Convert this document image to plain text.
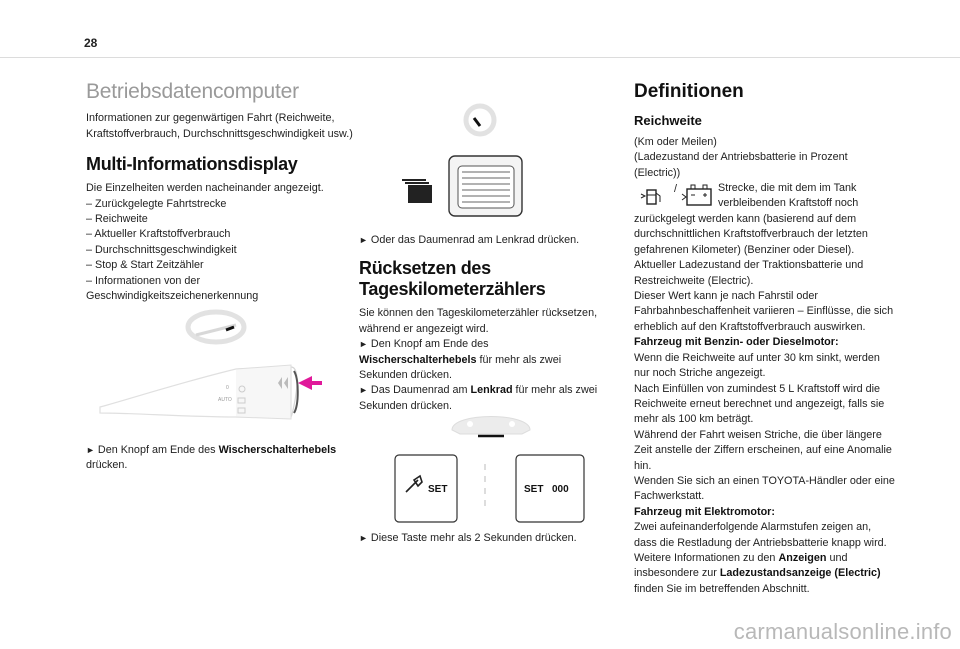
28
Betriebsdatencomputer

Informationen zur gegenwärtigen Fahrt (Reichweite, Kraftstoffverbrauch, Durchschnittsgeschwindigkeit usw.)

Multi-Informationsdisplay

Die Einzelheiten werden nacheinander angezeigt.

– Zurückgelegte Fahrtstrecke

– Reichweite

– Aktueller Kraftstoffverbrauch

– Durchschnittsgeschwindigkeit

– Stop & Start Zeitzähler

– Informationen von der Geschwindigkeitszeichenerkennung

0
AUTO

► Den Knopf am Ende des Wischerschalterhebels drücken.

► Oder das Daumenrad am Lenkrad drücken.

Rücksetzen des Tageskilometerzählers

Sie können den Tageskilometerzähler rücksetzen, während er angezeigt wird.

► Den Knopf am Ende des Wischerschalterhebels für mehr als zwei Sekunden drücken.

► Das Daumenrad am Lenkrad für mehr als zwei Sekunden drücken.

SET	SET 000

► Diese Taste mehr als 2 Sekunden drücken.

Definitionen
Reichweite

(Km oder Meilen)

(Ladezustand der Antriebsbatterie in Prozent (Electric))

/	Strecke, die mit dem im Tank
verbleibenden Kraftstoff noch

zurückgelegt werden kann (basierend auf dem durchschnittlichen Kraftstoffverbrauch der letzten gefahrenen Kilometer) (Benziner oder Diesel).

Aktueller Ladezustand der Traktionsbatterie und Restreichweite (Electric).

Dieser Wert kann je nach Fahrstil oder Fahrbahnbeschaffenheit variieren – Einflüsse, die sich erheblich auf den Kraftstoffverbrauch auswirken.

Fahrzeug mit Benzin- oder Dieselmotor:

Wenn die Reichweite auf unter 30 km sinkt, werden nur noch Striche angezeigt.

Nach Einfüllen von zumindest 5 L Kraftstoff wird die Reichweite erneut berechnet und angezeigt, falls sie mehr als 100 km beträgt.

Während der Fahrt weisen Striche, die über längere Zeit anstelle der Ziffern erscheinen, auf eine Anomalie hin.

Wenden Sie sich an einen TOYOTA-Händler oder eine Fachwerkstatt.

Fahrzeug mit Elektromotor:

Zwei aufeinanderfolgende Alarmstufen zeigen an, dass die Restladung der Antriebsbatterie knapp wird.

Weitere Informationen zu den Anzeigen und insbesondere zur Ladezustandsanzeige (Electric) finden Sie im betreffenden Abschnitt.

carmanualsonline.info
